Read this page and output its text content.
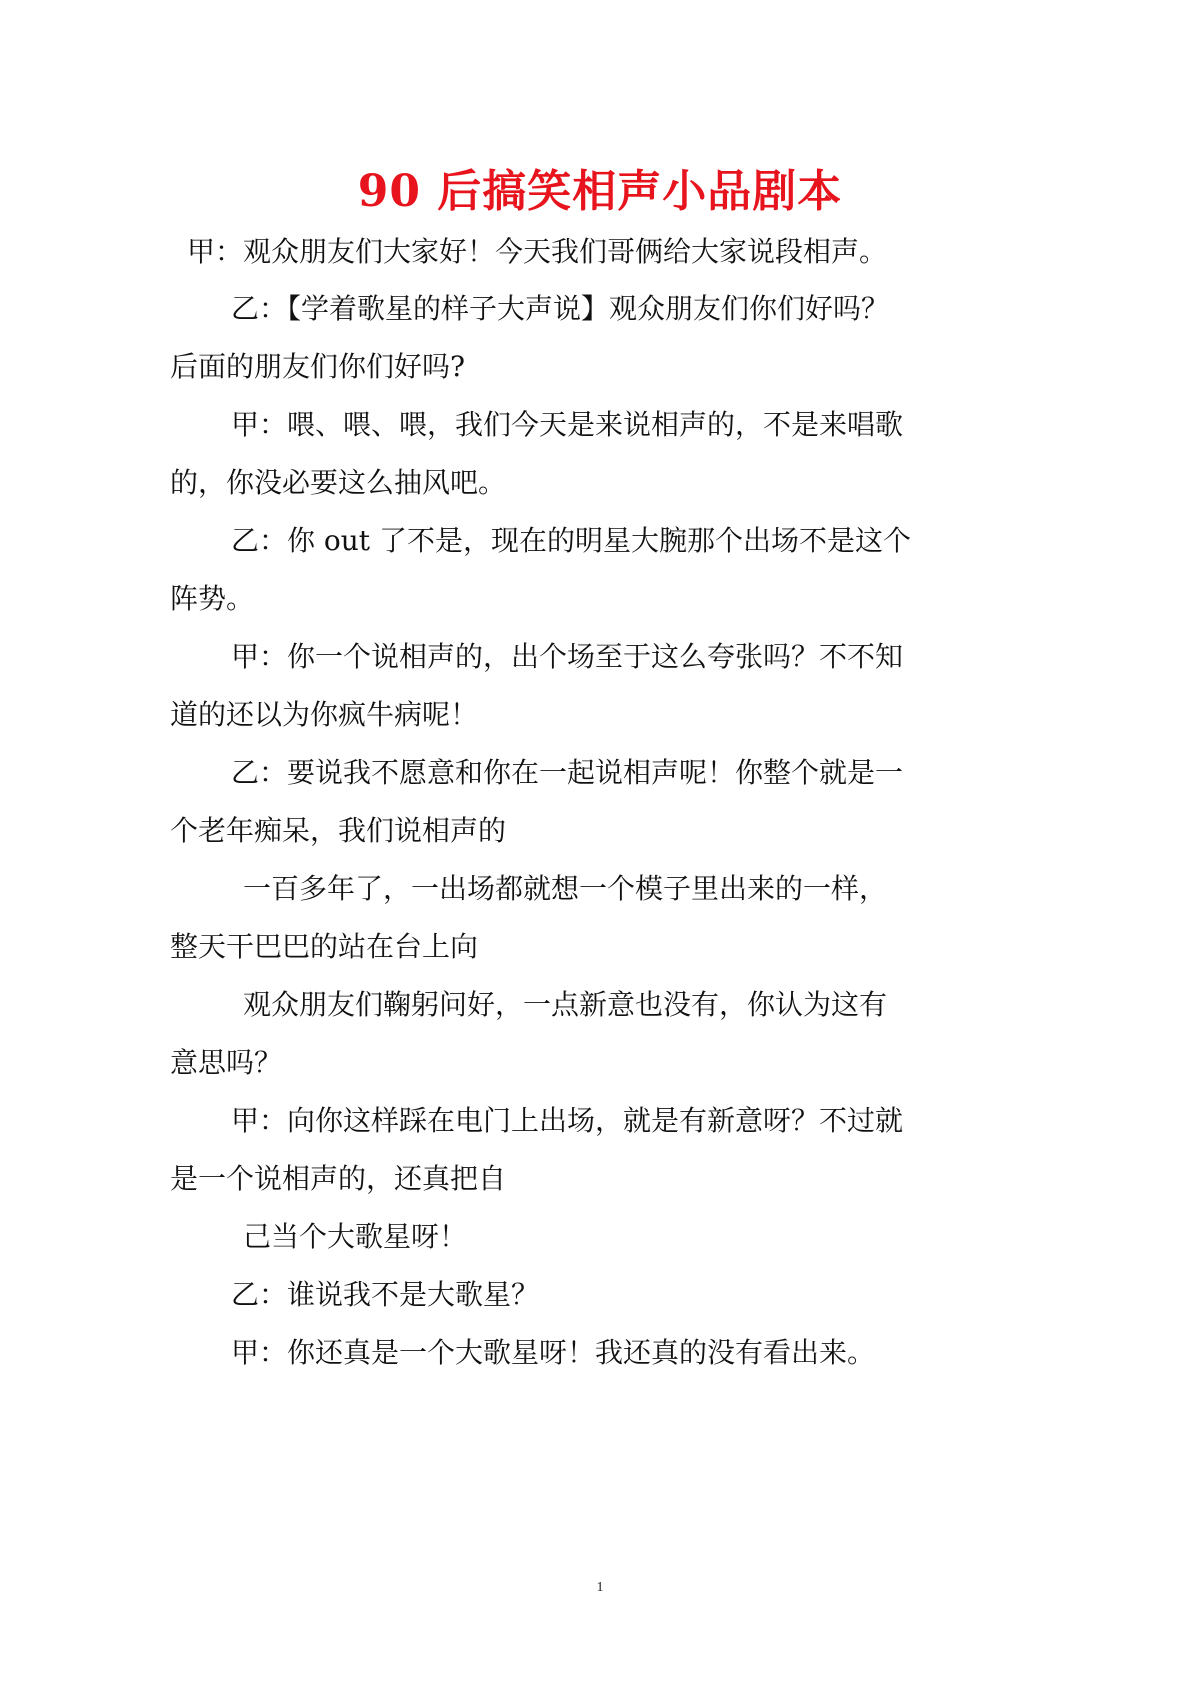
90 后搞笑相声小品剧本
甲：观众朋友们大家好！今天我们哥俩给大家说段相声。
乙：【学着歌星的样子大声说】观众朋友们你们好吗？
后面的朋友们你们好吗?
甲：喂、喂、喂，我们今天是来说相声的，不是来唱歌
的，你没必要这么抽风吧。
乙：你 out 了不是，现在的明星大腕那个出场不是这个
阵势。
甲：你一个说相声的，出个场至于这么夸张吗？不不知
道的还以为你疯牛病呢！
乙：要说我不愿意和你在一起说相声呢！你整个就是一
个老年痴呆，我们说相声的
一百多年了，一出场都就想一个模子里出来的一样，
整天干巴巴的站在台上向
观众朋友们鞠躬问好，一点新意也没有，你认为这有
意思吗？
甲：向你这样踩在电门上出场，就是有新意呀？不过就
是一个说相声的，还真把自
己当个大歌星呀！
乙：谁说我不是大歌星？
甲：你还真是一个大歌星呀！我还真的没有看出来。
1
